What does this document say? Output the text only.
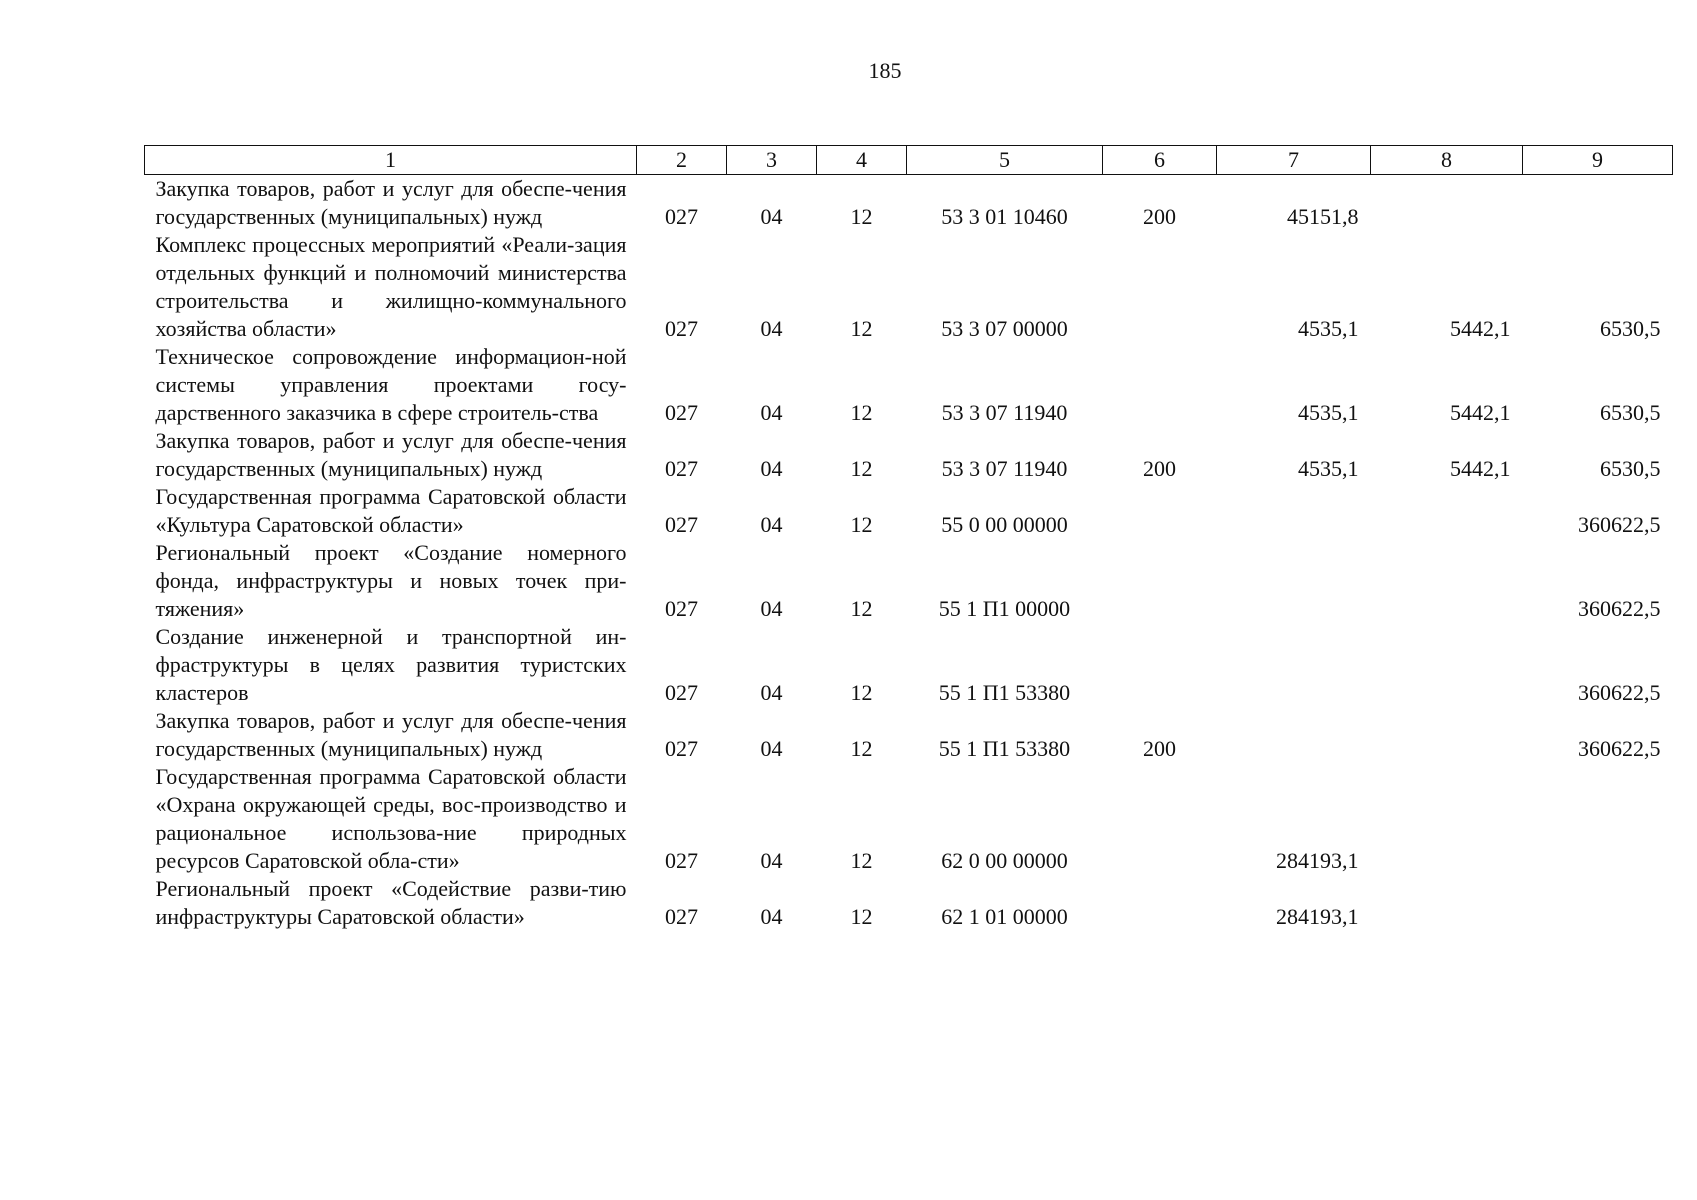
185
1	2	3	4	5	6	7	8	9
Закупка товаров, работ и услуг для обеспе-чения государственных (муниципальных) нужд	027	04	12	53 3 01 10460	200	45151,8		
Комплекс процессных мероприятий «Реали-зация отдельных функций и полномочий министерства строительства и жилищно-коммунального хозяйства области»	027	04	12	53 3 07 00000		4535,1	5442,1	6530,5
Техническое сопровождение информацион-ной системы управления проектами госу-дарственного заказчика в сфере строитель-ства	027	04	12	53 3 07 11940		4535,1	5442,1	6530,5
Закупка товаров, работ и услуг для обеспе-чения государственных (муниципальных) нужд	027	04	12	53 3 07 11940	200	4535,1	5442,1	6530,5
Государственная программа Саратовской области «Культура Саратовской области»	027	04	12	55 0 00 00000				360622,5
Региональный проект «Создание номерного фонда, инфраструктуры и новых точек при-тяжения»	027	04	12	55 1 П1 00000				360622,5
Создание инженерной и транспортной ин-фраструктуры в целях развития туристских кластеров	027	04	12	55 1 П1 53380				360622,5
Закупка товаров, работ и услуг для обеспе-чения государственных (муниципальных) нужд	027	04	12	55 1 П1 53380	200			360622,5
Государственная программа Саратовской области «Охрана окружающей среды, вос-производство и рациональное использова-ние природных ресурсов Саратовской обла-сти»	027	04	12	62 0 00 00000		284193,1		
Региональный проект «Содействие разви-тию инфраструктуры Саратовской области»	027	04	12	62 1 01 00000		284193,1		
